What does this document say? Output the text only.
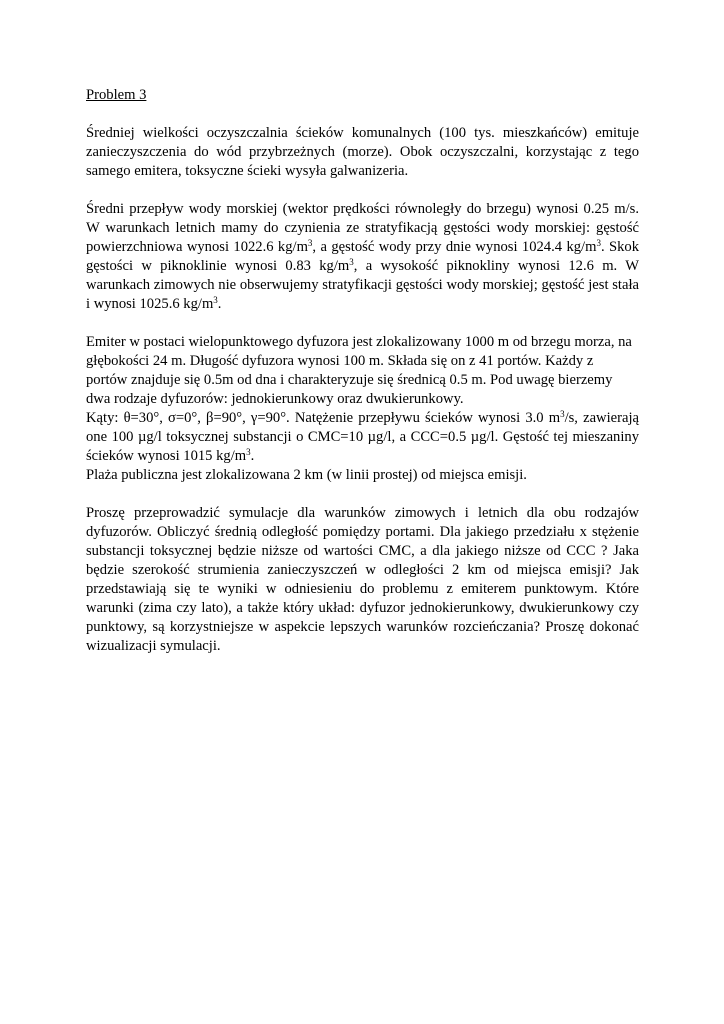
Problem 3

Średniej wielkości oczyszczalnia ścieków komunalnych (100 tys. mieszkańców) emituje zanieczyszczenia do wód przybrzeżnych (morze). Obok oczyszczalni, korzystając z tego samego emitera, toksyczne ścieki wysyła galwanizeria.

Średni przepływ wody morskiej (wektor prędkości równoległy do brzegu) wynosi 0.25 m/s. W warunkach letnich mamy do czynienia ze stratyfikacją gęstości wody morskiej: gęstość powierzchniowa wynosi 1022.6 $kg/m^3$, a gęstość wody przy dnie wynosi 1024.4 $kg/m^3$. Skok gęstości w piknoklinie wynosi 0.83 $kg/m^3$, a wysokość piknokliny wynosi 12.6 m. W warunkach zimowych nie obserwujemy stratyfikacji gęstości wody morskiej; gęstość jest stała i wynosi 1025.6 $kg/m^3$.

Emiter w postaci wielopunktowego dyfuzora jest zlokalizowany 1000 m od brzegu morza, na
głębokości 24 m. Długość dyfuzora wynosi 100 m. Składa się on z 41 portów. Każdy z
portów znajduje się 0.5m od dna i charakteryzuje się średnicą 0.5 m. Pod uwagę bierzemy
dwa rodzaje dyfuzorów: jednokierunkowy oraz dwukierunkowy.
Kąty: θ=30°, σ=0°, β=90°, γ=90°. Natężenie przepływu ścieków wynosi 3.0 $m^3/s$, zawierają one 100 µg/l toksycznej substancji o CMC=10 µg/l, a CCC=0.5 µg/l. Gęstość tej mieszaniny ścieków wynosi 1015 $kg/m^3$.
Plaża publiczna jest zlokalizowana 2 km (w linii prostej) od miejsca emisji.

Proszę przeprowadzić symulacje dla warunków zimowych i letnich dla obu rodzajów dyfuzorów. Obliczyć średnią odległość pomiędzy portami. Dla jakiego przedziału x stężenie substancji toksycznej będzie niższe od wartości CMC, a dla jakiego niższe od CCC ? Jaka będzie szerokość strumienia zanieczyszczeń w odległości 2 km od miejsca emisji? Jak przedstawiają się te wyniki w odniesieniu do problemu z emiterem punktowym. Które warunki (zima czy lato), a także który układ: dyfuzor jednokierunkowy, dwukierunkowy czy punktowy, są korzystniejsze w aspekcie lepszych warunków rozcieńczania? Proszę dokonać wizualizacji symulacji.
